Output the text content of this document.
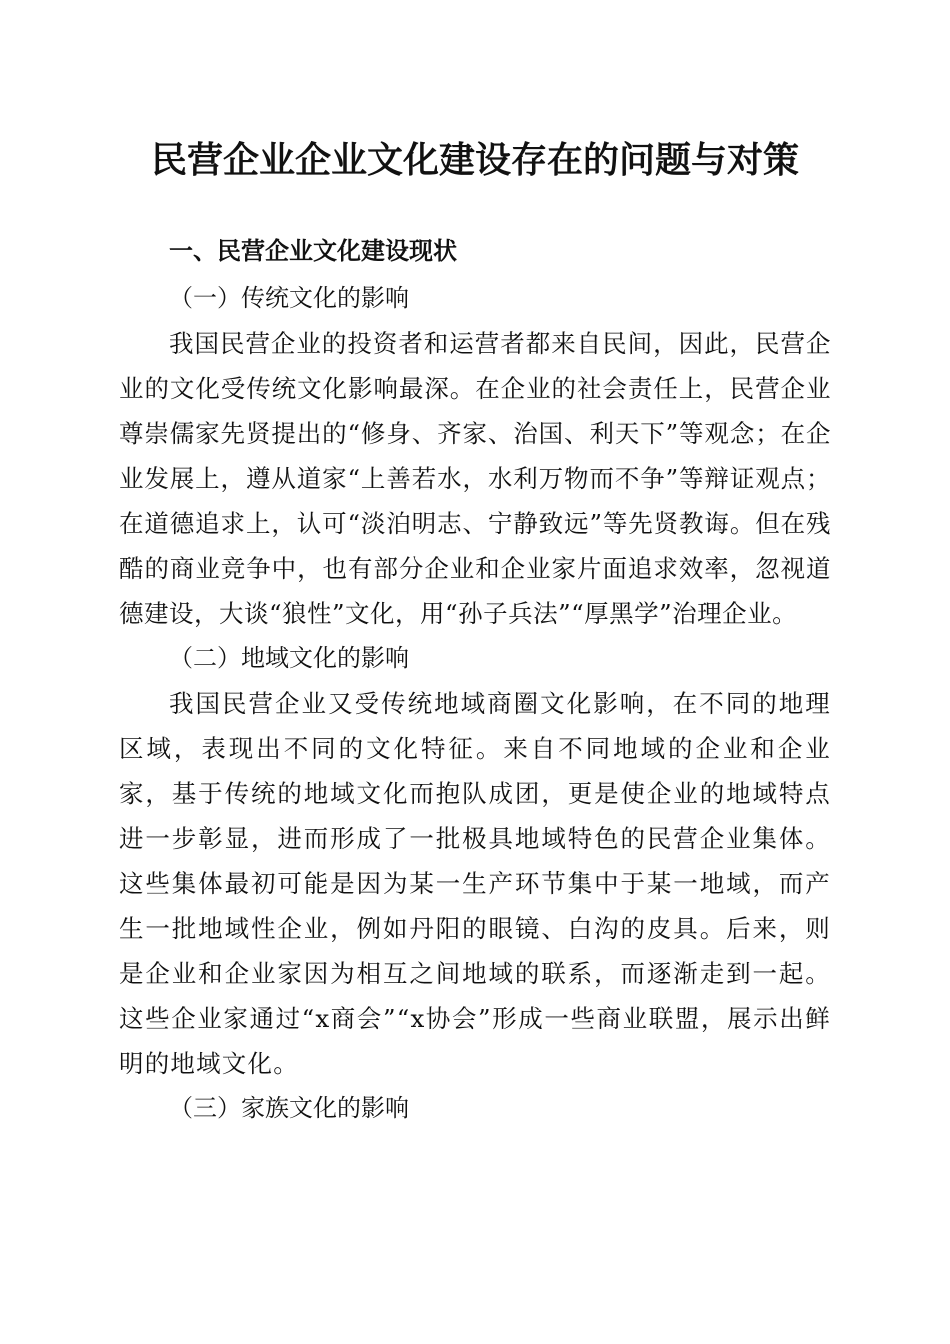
民营企业企业文化建设存在的问题与对策

一、民营企业文化建设现状

（一）传统文化的影响

我国民营企业的投资者和运营者都来自民间，因此，民营企业的文化受传统文化影响最深。在企业的社会责任上，民营企业尊崇儒家先贤提出的“修身、齐家、治国、利天下”等观念；在企业发展上，遵从道家“上善若水，水利万物而不争”等辩证观点；在道德追求上，认可“淡泊明志、宁静致远”等先贤教诲。但在残酷的商业竞争中，也有部分企业和企业家片面追求效率，忽视道德建设，大谈“狼性”文化，用“孙子兵法”“厚黑学”治理企业。

（二）地域文化的影响

我国民营企业又受传统地域商圈文化影响，在不同的地理区域，表现出不同的文化特征。来自不同地域的企业和企业家，基于传统的地域文化而抱队成团，更是使企业的地域特点进一步彰显，进而形成了一批极具地域特色的民营企业集体。这些集体最初可能是因为某一生产环节集中于某一地域，而产生一批地域性企业，例如丹阳的眼镜、白沟的皮具。后来，则是企业和企业家因为相互之间地域的联系，而逐渐走到一起。这些企业家通过“x商会”“x协会”形成一些商业联盟，展示出鲜明的地域文化。

（三）家族文化的影响
